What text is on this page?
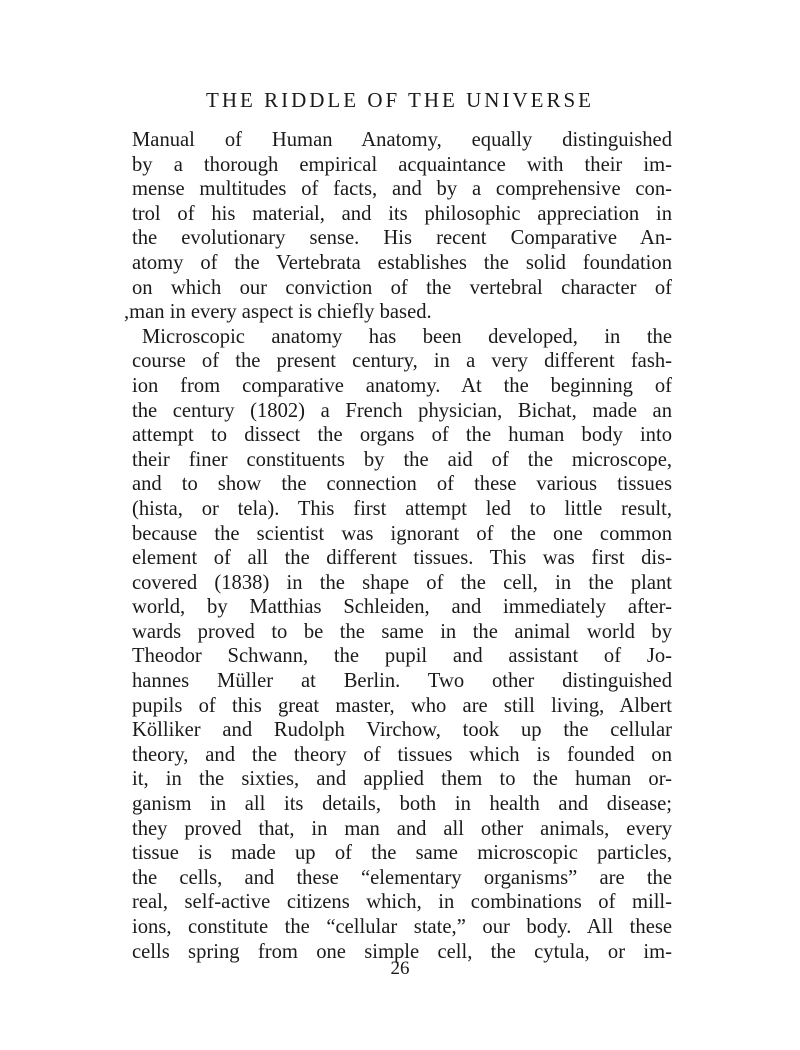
THE RIDDLE OF THE UNIVERSE
Manual of Human Anatomy, equally distinguished
by a thorough empirical acquaintance with their im-
mense multitudes of facts, and by a comprehensive con-
trol of his material, and its philosophic appreciation in
the evolutionary sense. His recent Comparative An-
atomy of the Vertebrata establishes the solid foundation
on which our conviction of the vertebral character of
,man in every aspect is chiefly based.
Microscopic anatomy has been developed, in the
course of the present century, in a very different fash-
ion from comparative anatomy. At the beginning of
the century (1802) a French physician, Bichat, made an
attempt to dissect the organs of the human body into
their finer constituents by the aid of the microscope,
and to show the connection of these various tissues
(hista, or tela). This first attempt led to little result,
because the scientist was ignorant of the one common
element of all the different tissues. This was first dis-
covered (1838) in the shape of the cell, in the plant
world, by Matthias Schleiden, and immediately after-
wards proved to be the same in the animal world by
Theodor Schwann, the pupil and assistant of Jo-
hannes Müller at Berlin. Two other distinguished
pupils of this great master, who are still living, Albert
Kölliker and Rudolph Virchow, took up the cellular
theory, and the theory of tissues which is founded on
it, in the sixties, and applied them to the human or-
ganism in all its details, both in health and disease;
they proved that, in man and all other animals, every
tissue is made up of the same microscopic particles,
the cells, and these “elementary organisms” are the
real, self-active citizens which, in combinations of mill-
ions, constitute the “cellular state,” our body. All these
cells spring from one simple cell, the cytula, or im-
26
